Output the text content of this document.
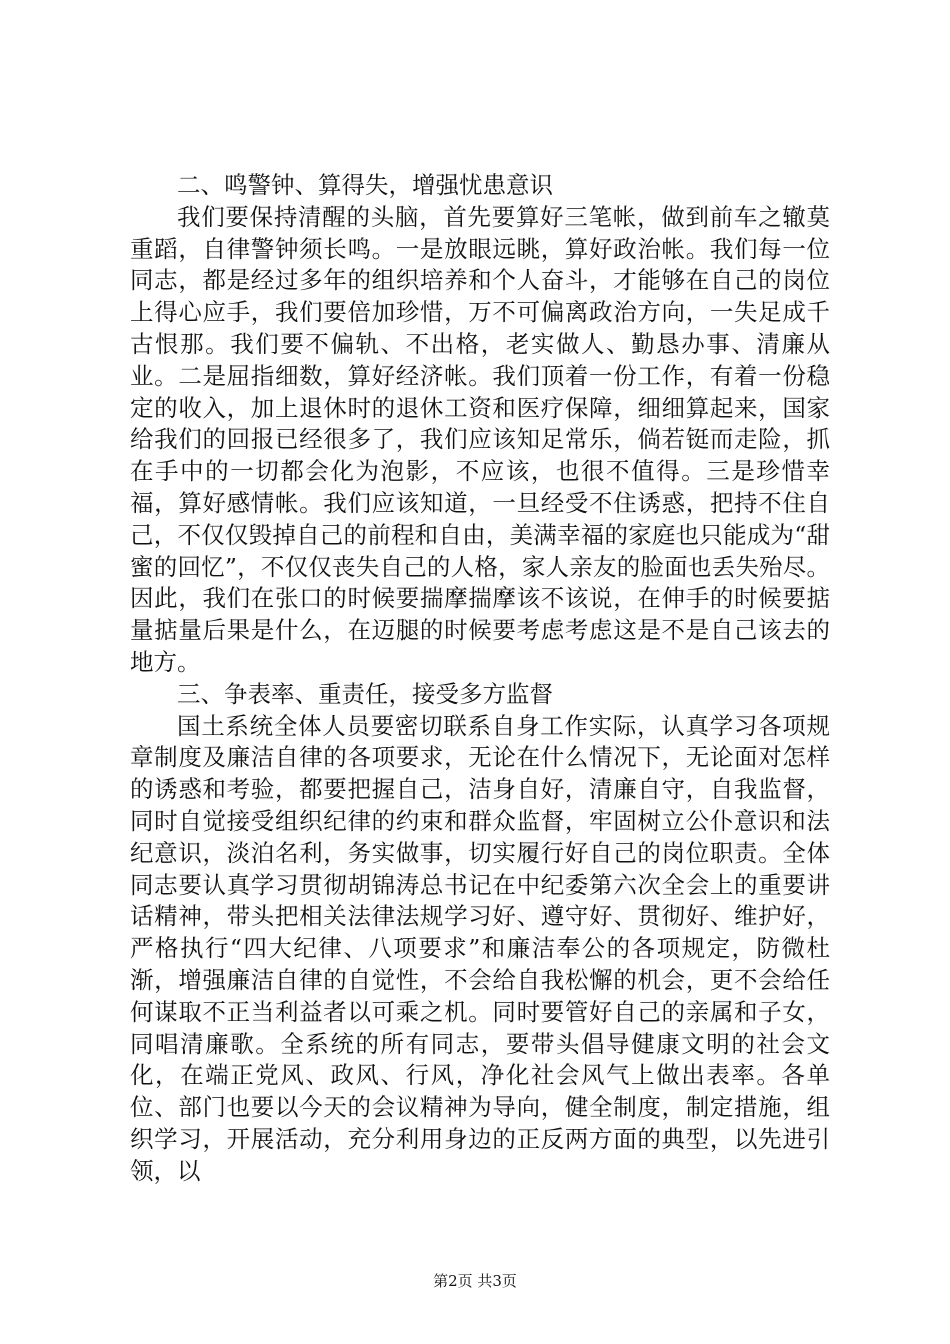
二、鸣警钟、算得失，增强忧患意识

我们要保持清醒的头脑，首先要算好三笔帐，做到前车之辙莫重蹈，自律警钟须长鸣。一是放眼远眺，算好政治帐。我们每一位同志，都是经过多年的组织培养和个人奋斗，才能够在自己的岗位上得心应手，我们要倍加珍惜，万不可偏离政治方向，一失足成千古恨那。我们要不偏轨、不出格，老实做人、勤恳办事、清廉从业。二是屈指细数，算好经济帐。我们顶着一份工作，有着一份稳定的收入，加上退休时的退休工资和医疗保障，细细算起来，国家给我们的回报已经很多了，我们应该知足常乐，倘若铤而走险，抓在手中的一切都会化为泡影，不应该，也很不值得。三是珍惜幸福，算好感情帐。我们应该知道，一旦经受不住诱惑，把持不住自己，不仅仅毁掉自己的前程和自由，美满幸福的家庭也只能成为“甜蜜的回忆”，不仅仅丧失自己的人格，家人亲友的脸面也丢失殆尽。因此，我们在张口的时候要揣摩揣摩该不该说，在伸手的时候要掂量掂量后果是什么，在迈腿的时候要考虑考虑这是不是自己该去的地方。

三、争表率、重责任，接受多方监督

国土系统全体人员要密切联系自身工作实际，认真学习各项规章制度及廉洁自律的各项要求，无论在什么情况下，无论面对怎样的诱惑和考验，都要把握自己，洁身自好，清廉自守，自我监督，同时自觉接受组织纪律的约束和群众监督，牢固树立公仆意识和法纪意识，淡泊名利，务实做事，切实履行好自己的岗位职责。全体同志要认真学习贯彻胡锦涛总书记在中纪委第六次全会上的重要讲话精神，带头把相关法律法规学习好、遵守好、贯彻好、维护好，严格执行“四大纪律、八项要求”和廉洁奉公的各项规定，防微杜渐，增强廉洁自律的自觉性，不会给自我松懈的机会，更不会给任何谋取不正当利益者以可乘之机。同时要管好自己的亲属和子女，同唱清廉歌。全系统的所有同志，要带头倡导健康文明的社会文化，在端正党风、政风、行风，净化社会风气上做出表率。各单位、部门也要以今天的会议精神为导向，健全制度，制定措施，组织学习，开展活动，充分利用身边的正反两方面的典型，以先进引领，以

第2页 共3页
